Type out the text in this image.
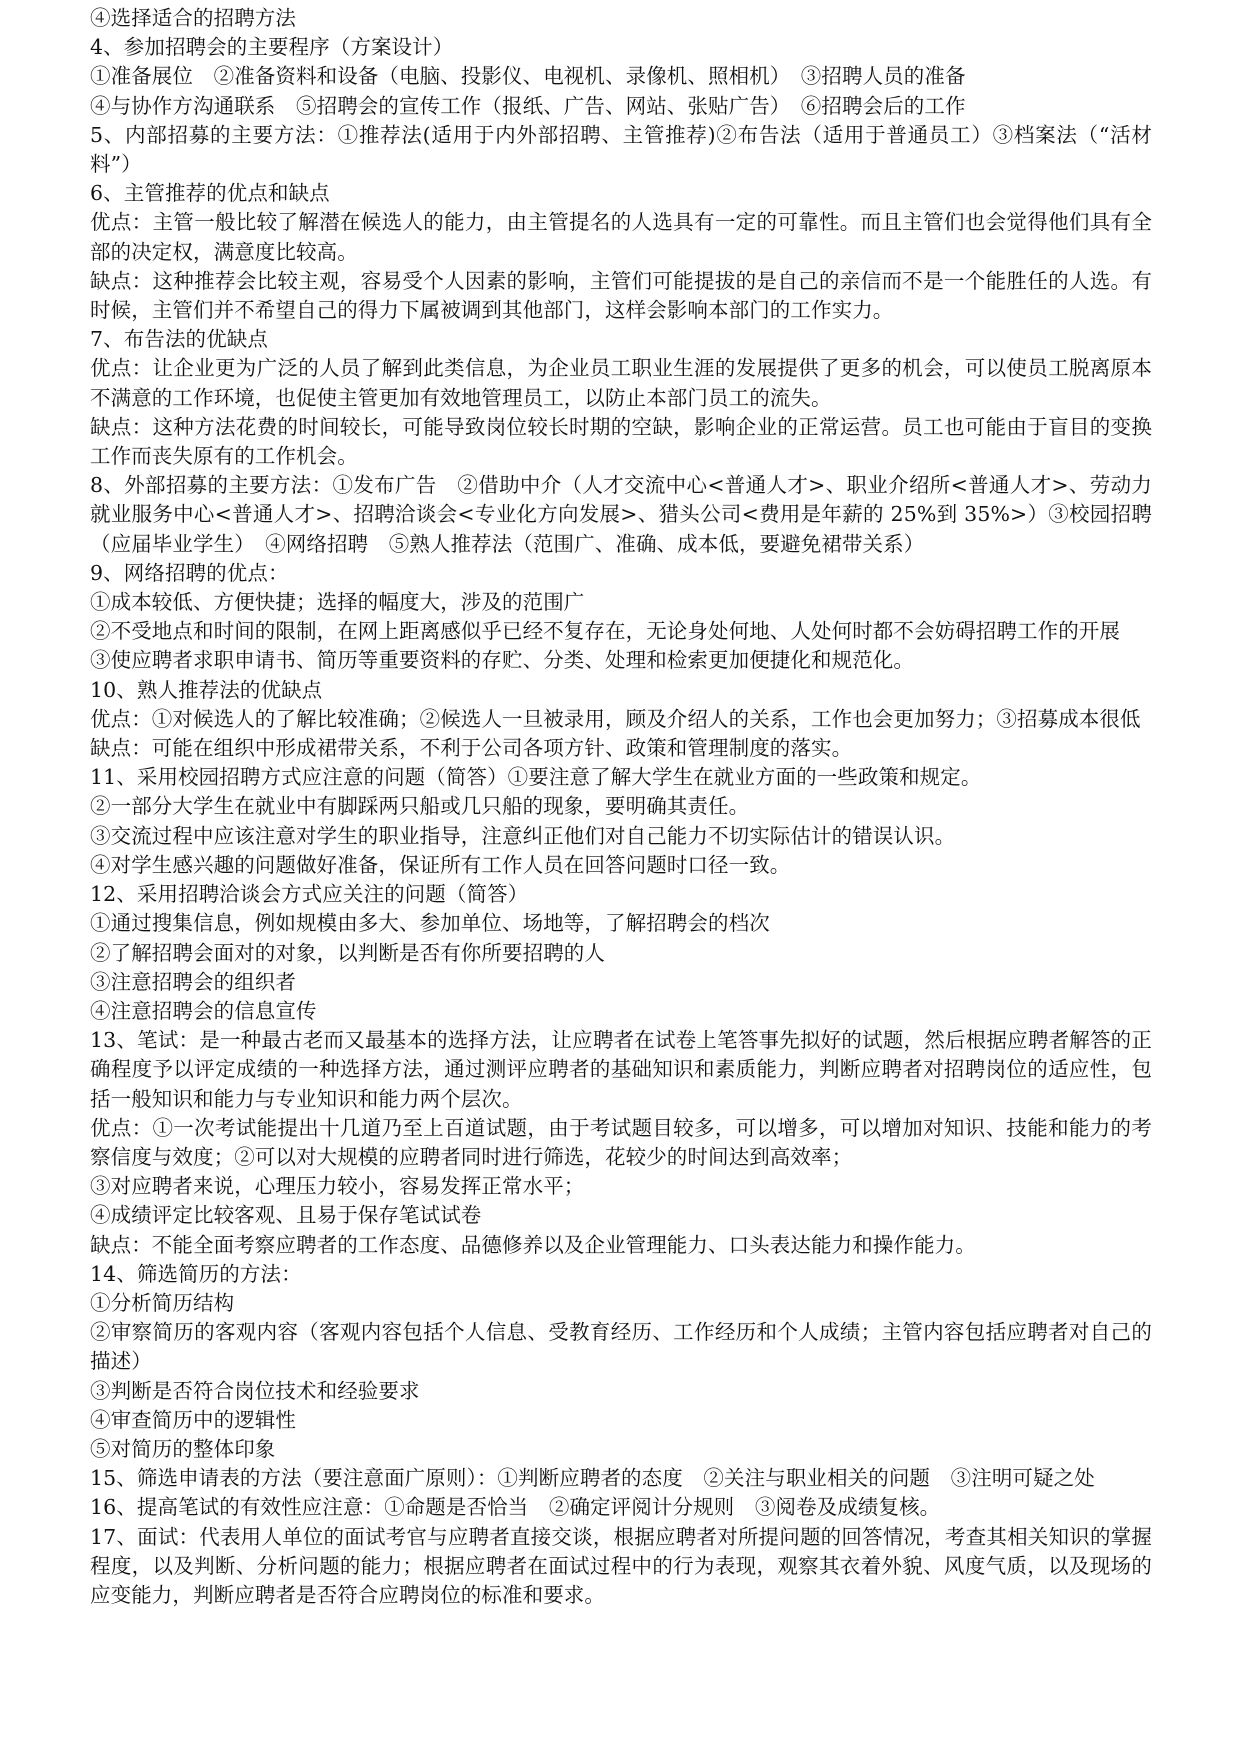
④选择适合的招聘方法

4、参加招聘会的主要程序（方案设计）

①准备展位　②准备资料和设备（电脑、投影仪、电视机、录像机、照相机）　③招聘人员的准备

④与协作方沟通联系　⑤招聘会的宣传工作（报纸、广告、网站、张贴广告）　⑥招聘会后的工作

5、内部招募的主要方法：①推荐法(适用于内外部招聘、主管推荐)②布告法（适用于普通员工）③档案法（“活材料”）

6、主管推荐的优点和缺点

优点：主管一般比较了解潜在候选人的能力，由主管提名的人选具有一定的可靠性。而且主管们也会觉得他们具有全部的决定权，满意度比较高。

缺点：这种推荐会比较主观，容易受个人因素的影响，主管们可能提拔的是自己的亲信而不是一个能胜任的人选。有时候，主管们并不希望自己的得力下属被调到其他部门，这样会影响本部门的工作实力。

7、布告法的优缺点

优点：让企业更为广泛的人员了解到此类信息，为企业员工职业生涯的发展提供了更多的机会，可以使员工脱离原本不满意的工作环境，也促使主管更加有效地管理员工，以防止本部门员工的流失。

缺点：这种方法花费的时间较长，可能导致岗位较长时期的空缺，影响企业的正常运营。员工也可能由于盲目的变换工作而丧失原有的工作机会。

8、外部招募的主要方法：①发布广告　②借助中介（人才交流中心<普通人才>、职业介绍所<普通人才>、劳动力就业服务中心<普通人才>、招聘洽谈会<专业化方向发展>、猎头公司<费用是年薪的 25%到 35%>）③校园招聘（应届毕业学生）　④网络招聘　⑤熟人推荐法（范围广、准确、成本低，要避免裙带关系）

9、网络招聘的优点：

①成本较低、方便快捷；选择的幅度大，涉及的范围广

②不受地点和时间的限制，在网上距离感似乎已经不复存在，无论身处何地、人处何时都不会妨碍招聘工作的开展

③使应聘者求职申请书、简历等重要资料的存贮、分类、处理和检索更加便捷化和规范化。

10、熟人推荐法的优缺点

优点：①对候选人的了解比较准确；②候选人一旦被录用，顾及介绍人的关系，工作也会更加努力；③招募成本很低

缺点：可能在组织中形成裙带关系，不利于公司各项方针、政策和管理制度的落实。

11、采用校园招聘方式应注意的问题（简答）①要注意了解大学生在就业方面的一些政策和规定。

②一部分大学生在就业中有脚踩两只船或几只船的现象，要明确其责任。

③交流过程中应该注意对学生的职业指导，注意纠正他们对自己能力不切实际估计的错误认识。

④对学生感兴趣的问题做好准备，保证所有工作人员在回答问题时口径一致。

12、采用招聘洽谈会方式应关注的问题（简答）

①通过搜集信息，例如规模由多大、参加单位、场地等，了解招聘会的档次

②了解招聘会面对的对象，以判断是否有你所要招聘的人

③注意招聘会的组织者

④注意招聘会的信息宣传

13、笔试：是一种最古老而又最基本的选择方法，让应聘者在试卷上笔答事先拟好的试题，然后根据应聘者解答的正确程度予以评定成绩的一种选择方法，通过测评应聘者的基础知识和素质能力，判断应聘者对招聘岗位的适应性，包括一般知识和能力与专业知识和能力两个层次。

优点：①一次考试能提出十几道乃至上百道试题，由于考试题目较多，可以增多，可以增加对知识、技能和能力的考察信度与效度；②可以对大规模的应聘者同时进行筛选，花较少的时间达到高效率；

③对应聘者来说，心理压力较小，容易发挥正常水平；

④成绩评定比较客观、且易于保存笔试试卷

缺点：不能全面考察应聘者的工作态度、品德修养以及企业管理能力、口头表达能力和操作能力。

14、筛选简历的方法：

①分析简历结构

②审察简历的客观内容（客观内容包括个人信息、受教育经历、工作经历和个人成绩；主管内容包括应聘者对自己的描述）

③判断是否符合岗位技术和经验要求

④审查简历中的逻辑性

⑤对简历的整体印象

15、筛选申请表的方法（要注意面广原则）：①判断应聘者的态度　②关注与职业相关的问题　③注明可疑之处

16、提高笔试的有效性应注意：①命题是否恰当　②确定评阅计分规则　③阅卷及成绩复核。

17、面试：代表用人单位的面试考官与应聘者直接交谈，根据应聘者对所提问题的回答情况，考查其相关知识的掌握程度，以及判断、分析问题的能力；根据应聘者在面试过程中的行为表现，观察其衣着外貌、风度气质，以及现场的应变能力，判断应聘者是否符合应聘岗位的标准和要求。
